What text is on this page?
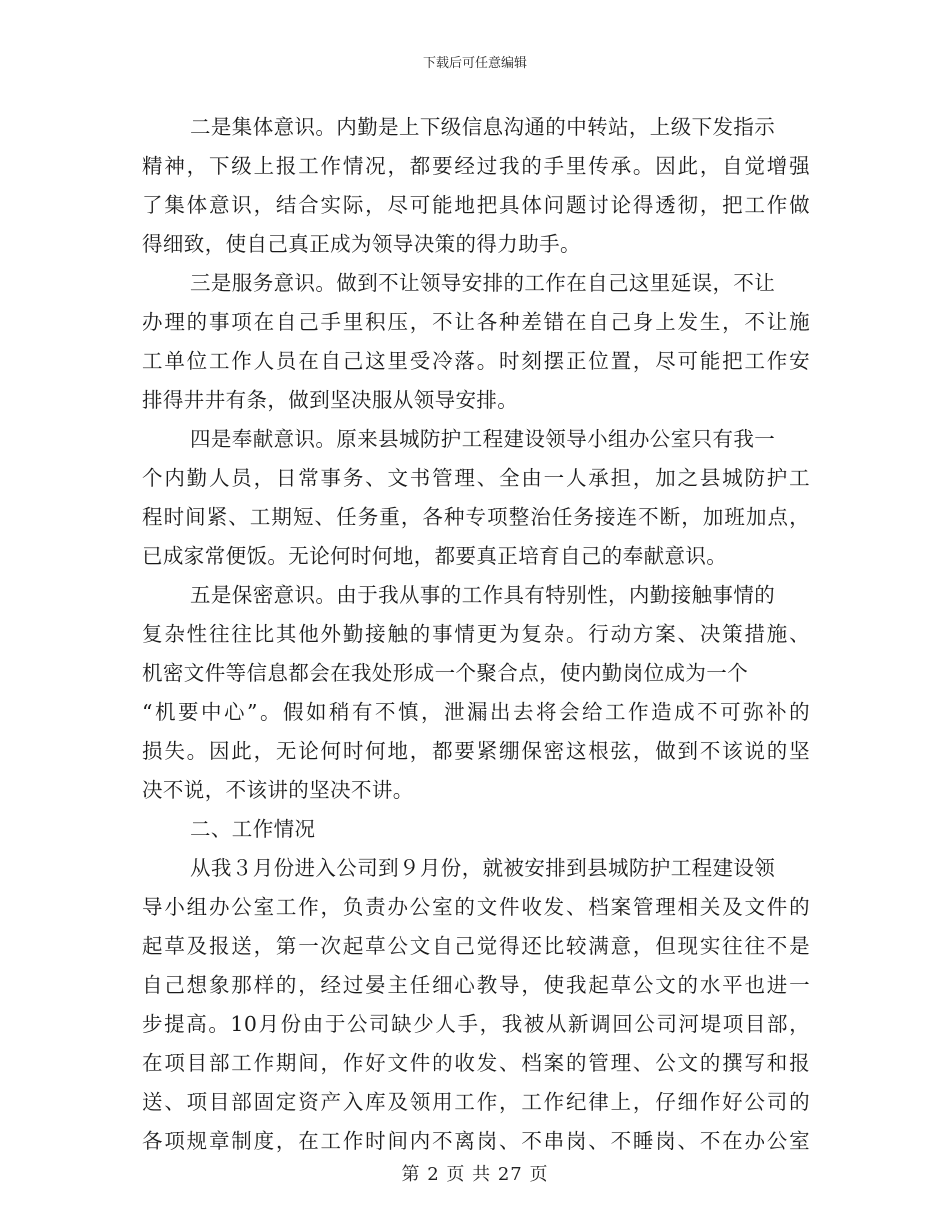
下载后可任意编辑
二是集体意识。内勤是上下级信息沟通的中转站，上级下发指示
精神，下级上报工作情况，都要经过我的手里传承。因此，自觉增强
了集体意识，结合实际，尽可能地把具体问题讨论得透彻，把工作做
得细致，使自己真正成为领导决策的得力助手。
三是服务意识。做到不让领导安排的工作在自己这里延误，不让
办理的事项在自己手里积压，不让各种差错在自己身上发生，不让施
工单位工作人员在自己这里受冷落。时刻摆正位置，尽可能把工作安
排得井井有条，做到坚决服从领导安排。
四是奉献意识。原来县城防护工程建设领导小组办公室只有我一
个内勤人员，日常事务、文书管理、全由一人承担，加之县城防护工
程时间紧、工期短、任务重，各种专项整治任务接连不断，加班加点，
已成家常便饭。无论何时何地，都要真正培育自己的奉献意识。
五是保密意识。由于我从事的工作具有特别性，内勤接触事情的
复杂性往往比其他外勤接触的事情更为复杂。行动方案、决策措施、
机密文件等信息都会在我处形成一个聚合点，使内勤岗位成为一个
“机要中心”。假如稍有不慎，泄漏出去将会给工作造成不可弥补的
损失。因此，无论何时何地，都要紧绷保密这根弦，做到不该说的坚
决不说，不该讲的坚决不讲。
二、工作情况
从我３月份进入公司到９月份，就被安排到县城防护工程建设领
导小组办公室工作，负责办公室的文件收发、档案管理相关及文件的
起草及报送，第一次起草公文自己觉得还比较满意，但现实往往不是
自己想象那样的，经过晏主任细心教导，使我起草公文的水平也进一
步提高。10月份由于公司缺少人手，我被从新调回公司河堤项目部，
在项目部工作期间，作好文件的收发、档案的管理、公文的撰写和报
送、项目部固定资产入库及领用工作，工作纪律上，仔细作好公司的
各项规章制度，在工作时间内不离岗、不串岗、不睡岗、不在办公室
第 2 页 共 27 页
